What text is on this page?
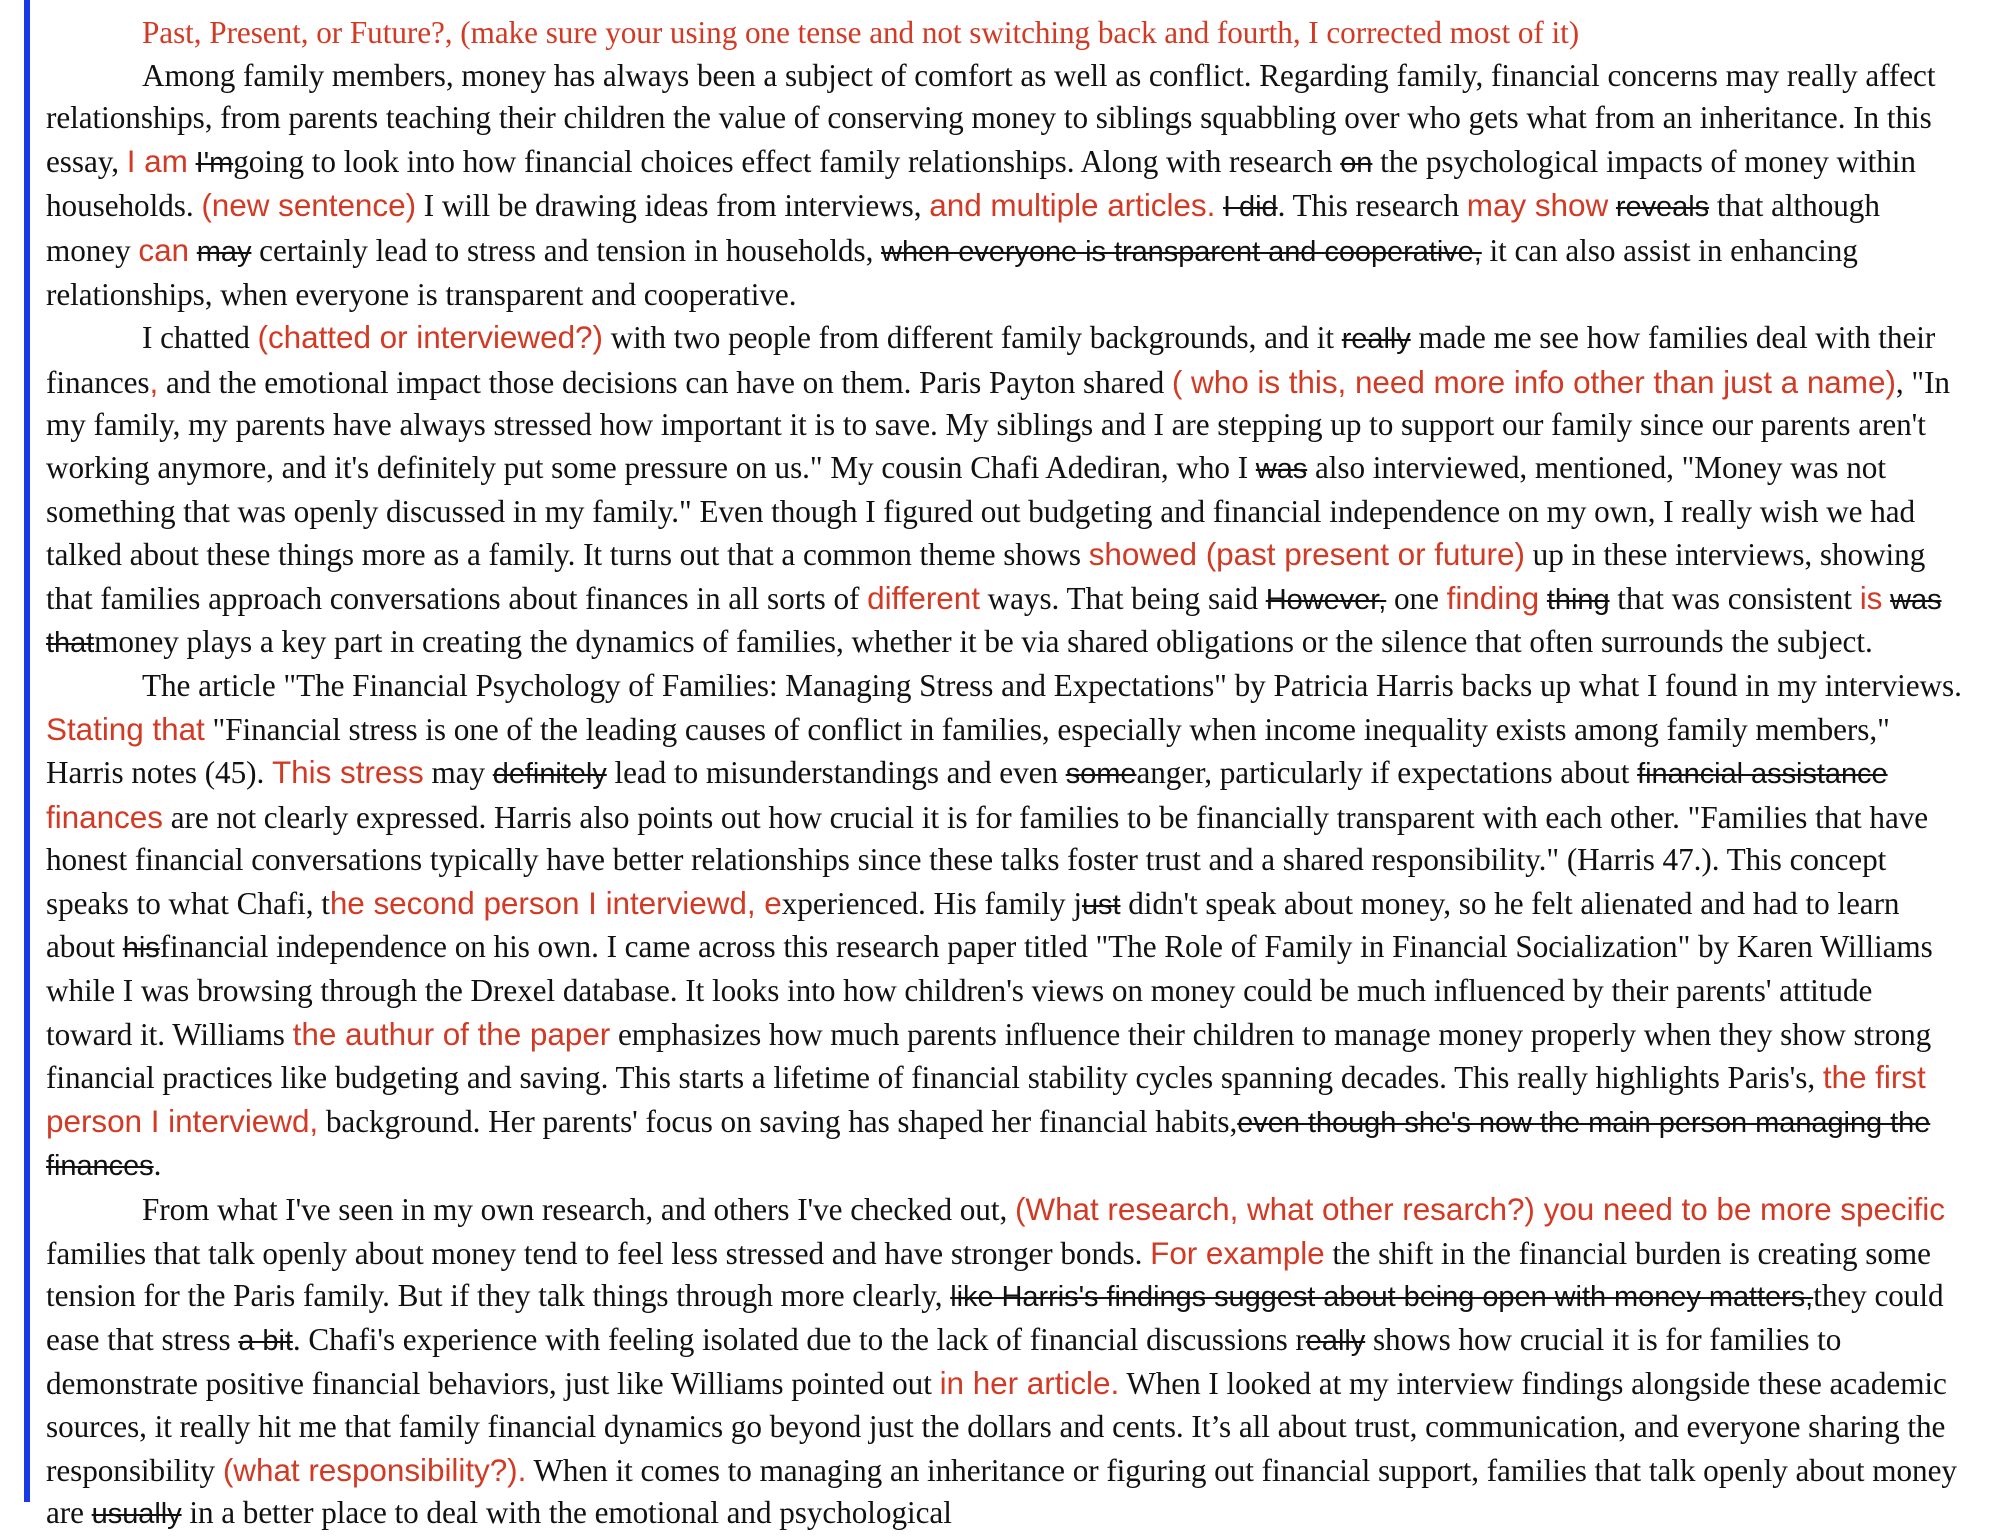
Past, Present, or Future?, (make sure your using one tense and not switching back and fourth, I corrected most of it)

Among family members, money has always been a subject of comfort as well as conflict. Regarding family, financial concerns may really affect relationships, from parents teaching their children the value of conserving money to siblings squabbling over who gets what from an inheritance. In this essay, I am I'mgoing to look into how financial choices effect family relationships. Along with research on the psychological impacts of money within households. (new sentence) I will be drawing ideas from interviews, and multiple articles. I did. This research may show reveals that although money can may certainly lead to stress and tension in households, when everyone is transparent and cooperative, it can also assist in enhancing relationships, when everyone is transparent and cooperative.

I chatted (chatted or interviewed?) with two people from different family backgrounds, and it really made me see how families deal with their finances, and the emotional impact those decisions can have on them. Paris Payton shared ( who is this, need more info other than just a name), "In my family, my parents have always stressed how important it is to save. My siblings and I are stepping up to support our family since our parents aren't working anymore, and it's definitely put some pressure on us." My cousin Chafi Adediran, who I was also interviewed, mentioned, "Money was not something that was openly discussed in my family." Even though I figured out budgeting and financial independence on my own, I really wish we had talked about these things more as a family. It turns out that a common theme shows showed (past present or future) up in these interviews, showing that families approach conversations about finances in all sorts of different ways. That being said However, one finding thing that was consistent is was thatmoney plays a key part in creating the dynamics of families, whether it be via shared obligations or the silence that often surrounds the subject.

The article "The Financial Psychology of Families: Managing Stress and Expectations" by Patricia Harris backs up what I found in my interviews. Stating that "Financial stress is one of the leading causes of conflict in families, especially when income inequality exists among family members," Harris notes (45). This stress may definitely lead to misunderstandings and even someanger, particularly if expectations about financial assistance finances are not clearly expressed. Harris also points out how crucial it is for families to be financially transparent with each other. "Families that have honest financial conversations typically have better relationships since these talks foster trust and a shared responsibility." (Harris 47.). This concept speaks to what Chafi, the second person I interviewd, experienced. His family just didn't speak about money, so he felt alienated and had to learn about hisfinancial independence on his own. I came across this research paper titled "The Role of Family in Financial Socialization" by Karen Williams while I was browsing through the Drexel database. It looks into how children's views on money could be much influenced by their parents' attitude toward it. Williams the authur of the paper emphasizes how much parents influence their children to manage money properly when they show strong financial practices like budgeting and saving. This starts a lifetime of financial stability cycles spanning decades. This really highlights Paris's, the first person I interviewd, background. Her parents' focus on saving has shaped her financial habits,even though she's now the main person managing the finances.

From what I've seen in my own research, and others I've checked out, (What research, what other resarch?) you need to be more specific families that talk openly about money tend to feel less stressed and have stronger bonds. For example the shift in the financial burden is creating some tension for the Paris family. But if they talk things through more clearly, like Harris's findings suggest about being open with money matters,they could ease that stress a bit. Chafi's experience with feeling isolated due to the lack of financial discussions really shows how crucial it is for families to demonstrate positive financial behaviors, just like Williams pointed out in her article. When I looked at my interview findings alongside these academic sources, it really hit me that family financial dynamics go beyond just the dollars and cents. It’s all about trust, communication, and everyone sharing the responsibility (what responsibility?). When it comes to managing an inheritance or figuring out financial support, families that talk openly about money are usually in a better place to deal with the emotional and psychological
